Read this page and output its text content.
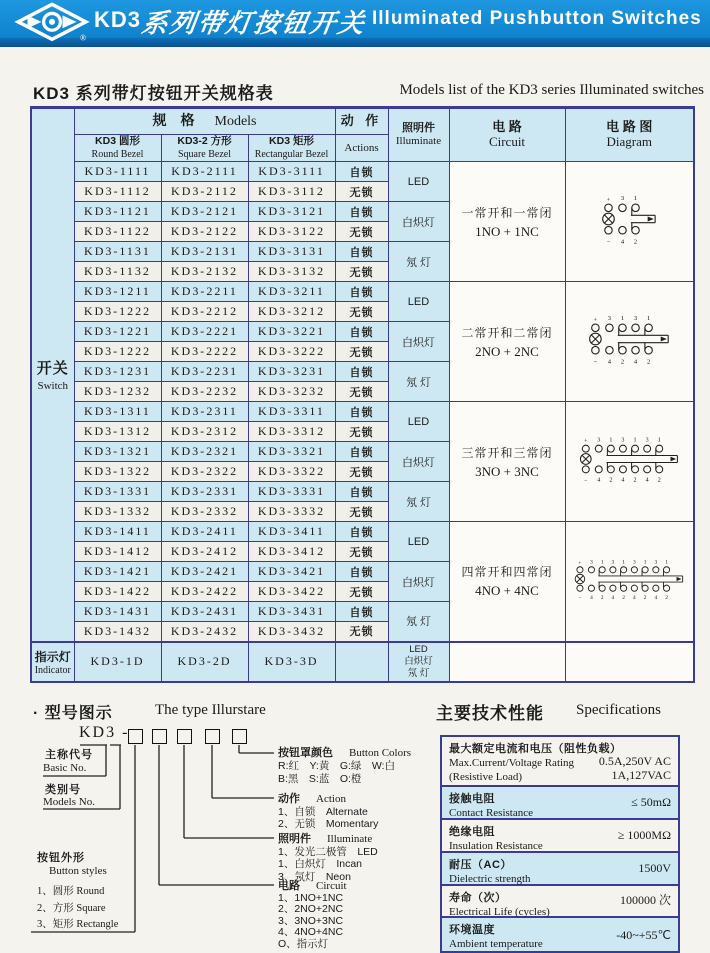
®
KD3
系列带灯按钮开关 Illuminated Pushbutton Switches
KD3 系列带灯按钮开关规格表	Models list of the KD3 series Illuminated switches
开关
Switch
	规格 Models	动 作	照明件
Illuminate	电 路
Circuit	电 路 图
Diagram
	KD3 圆形
Round Bezel	KD3-2 方形
Square Bezel	KD3 矩形
Rectangular Bezel	Actions			
KD3-1111	KD3-2111	KD3-3111	自锁	LED	
一常开和一常闭
1NO + 1NC

+
−
3
4
1
2

	KD3-1112	KD3-2112	KD3-3112	无锁			
	KD3-1121	KD3-2121	KD3-3121	自锁	白炽灯		
	KD3-1122	KD3-2122	KD3-3122	无锁			
	KD3-1131	KD3-2131	KD3-3131	自锁	氖 灯		
	KD3-1132	KD3-2132	KD3-3132	无锁			
KD3-1211	KD3-2211	KD3-3211	自锁	LED	
二常开和二常闭
2NO + 2NC

+
−
3
4
1
2
3
4
1
2

	KD3-1222	KD3-2212	KD3-3212	无锁			
	KD3-1221	KD3-2221	KD3-3221	自锁	白炽灯		
	KD3-1222	KD3-2222	KD3-3222	无锁			
	KD3-1231	KD3-2231	KD3-3231	自锁	氖 灯		
	KD3-1232	KD3-2232	KD3-3232	无锁			
KD3-1311	KD3-2311	KD3-3311	自锁	LED	
三常开和三常闭
3NO + 3NC

+
−
3
4
1
2
3
4
1
2
3
4
1
2

	KD3-1312	KD3-2312	KD3-3312	无锁			
	KD3-1321	KD3-2321	KD3-3321	自锁	白炽灯		
	KD3-1322	KD3-2322	KD3-3322	无锁			
	KD3-1331	KD3-2331	KD3-3331	自锁	氖 灯		
	KD3-1332	KD3-2332	KD3-3332	无锁			
KD3-1411	KD3-2411	KD3-3411	自锁	LED	
四常开和四常闭
4NO + 4NC

+
−
3
4
1
2
3
4
1
2
3
4
1
2
3
4
1
2

	KD3-1412	KD3-2412	KD3-3412	无锁			
	KD3-1421	KD3-2421	KD3-3421	自锁	白炽灯		
	KD3-1422	KD3-2422	KD3-3422	无锁			
	KD3-1431	KD3-2431	KD3-3431	自锁	氖 灯		
	KD3-1432	KD3-2432	KD3-3432	无锁			

指示灯
Indicator
	KD3-1D	KD3-2D	KD3-3D		
LED
白炽灯
氖 灯

· 型号图示	The type Illurstare
KD3 -
主称代号
Basic No.
类别号
Models No.
按钮外形
Button styles
1、圆形 Round
2、方形 Square
3、矩形 Rectangle
按钮罩颜色　 Button Colors
R:红　Y:黄　G:绿　W:白
B:黑　S:蓝　O:橙
动作　 Action
1、自锁　Alternate
2、无锁　Momentary
照明件　 Illuminate
1、发光二极管　LED
1、白炽灯　Incan
3、氖灯　Neon
电路　 Circuit
1、1NO+1NC
2、2NO+2NC
3、3NO+3NC
4、4NO+4NC
O、指示灯
主要技术性能 Specifications
最大额定电流和电压（阻性负载）
Max.Current/Voltage Rating
(Resistive Load)
0.5A,250V AC
1A,127VAC
接触电阻
Contact Resistance
≤ 50mΩ
绝缘电阻
Insulation Resistance
≥ 1000MΩ
耐压（AC）
Dielectric strength
1500V
寿命（次）
Electrical Life (cycles)
100000 次
环境温度
Ambient temperature
-40~+55℃
